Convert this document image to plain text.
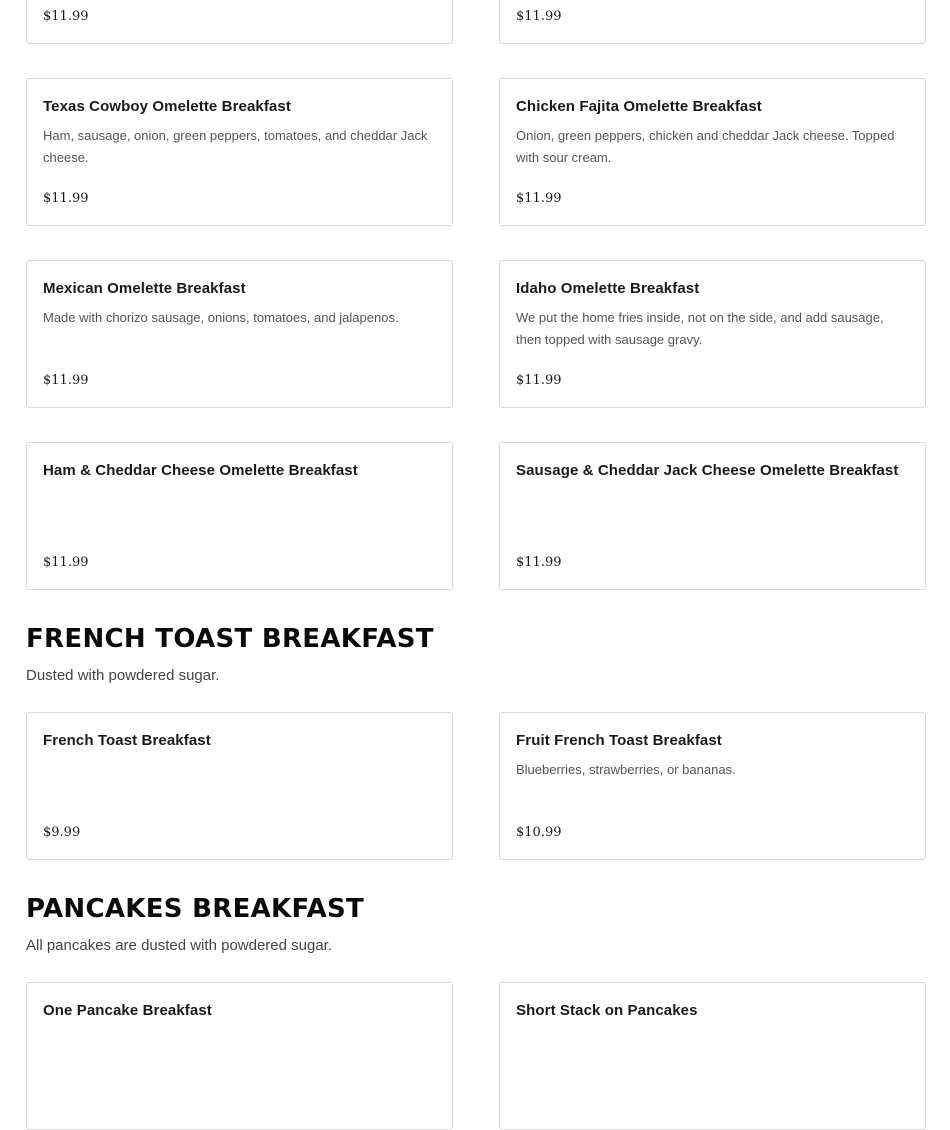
$11.99	$11.99
Texas Cowboy Omelette Breakfast
Ham, sausage, onion, green peppers, tomatoes, and cheddar Jack cheese.
$11.99
Chicken Fajita Omelette Breakfast
Onion, green peppers, chicken and cheddar Jack cheese. Topped with sour cream.
$11.99
Mexican Omelette Breakfast
Made with chorizo sausage, onions, tomatoes, and jalapenos.
$11.99
Idaho Omelette Breakfast
We put the home fries inside, not on the side, and add sausage, then topped with sausage gravy.
$11.99
Ham & Cheddar Cheese Omelette Breakfast
$11.99
Sausage & Cheddar Jack Cheese Omelette Breakfast
$11.99
FRENCH TOAST BREAKFAST

Dusted with powdered sugar.

French Toast Breakfast
$9.99
Fruit French Toast Breakfast
Blueberries, strawberries, or bananas.
$10.99
PANCAKES BREAKFAST

All pancakes are dusted with powdered sugar.

One Pancake Breakfast	Short Stack on Pancakes
